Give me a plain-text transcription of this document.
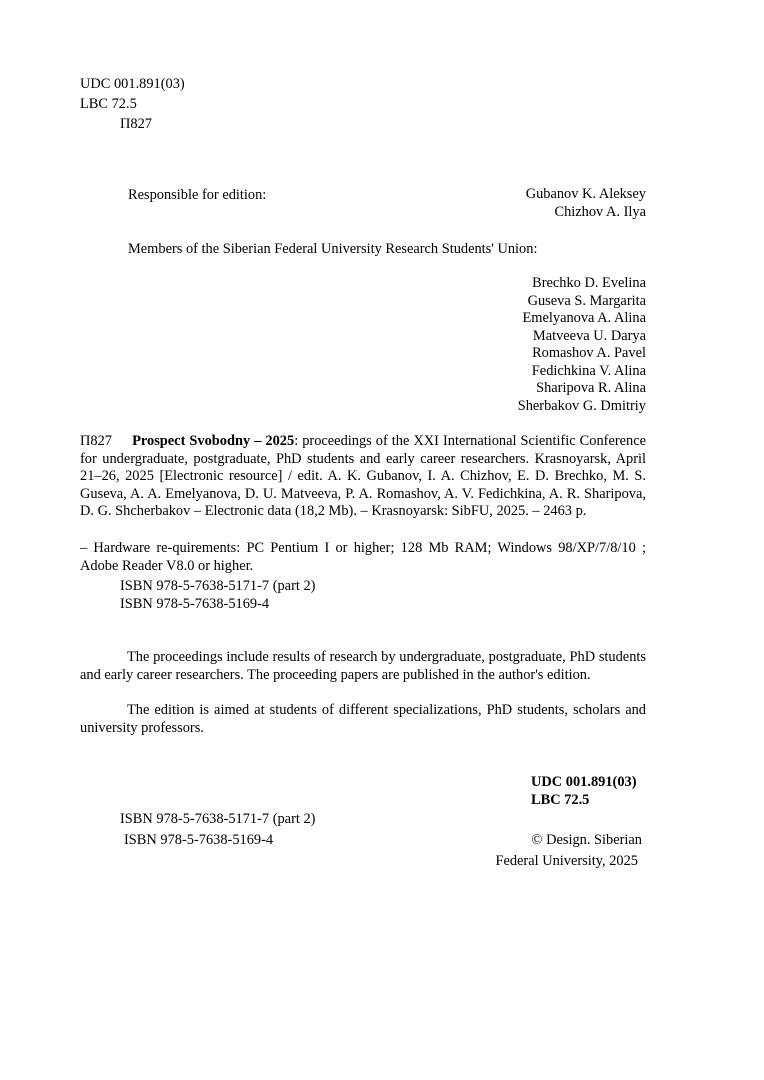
UDC 001.891(03)
LBC 72.5
П827
Responsible for edition:	Gubanov K. Aleksey
Chizhov A. Ilya
Members of the Siberian Federal University Research Students' Union:
Brechko D. Evelina
Guseva S. Margarita
Emelyanova A. Alina
Matveeva U. Darya
Romashov A. Pavel
Fedichkina V. Alina
Sharipova R. Alina
Sherbakov G. Dmitriy
П827 Prospect Svobodny – 2025: proceedings of the XXI International Scientific Conference for undergraduate, postgraduate, PhD students and early career researchers. Krasnoyarsk, April 21–26, 2025 [Electronic resource] / edit. A. K. Gubanov, I. A. Chizhov, E. D. Brechko, M. S. Guseva, A. A. Emelyanova, D. U. Matveeva, P. A. Romashov, A. V. Fedichkina, A. R. Sharipova, D. G. Shcherbakov – Electronic data (18,2 Mb). – Krasnoyarsk: SibFU, 2025. – 2463 p.
– Hardware re-quirements: PC Pentium I or higher; 128 Mb RAM; Windows 98/XP/7/8/10 ; Adobe Reader V8.0 or higher.
ISBN 978-5-7638-5171-7 (part 2)
ISBN 978-5-7638-5169-4
The proceedings include results of research by undergraduate, postgraduate, PhD students and early career researchers. The proceeding papers are published in the author's edition.
The edition is aimed at students of different specializations, PhD students, scholars and university professors.
UDC 001.891(03)
LBC 72.5
ISBN 978-5-7638-5171-7 (part 2)
ISBN 978-5-7638-5169-4	© Design. Siberian
Federal University, 2025
